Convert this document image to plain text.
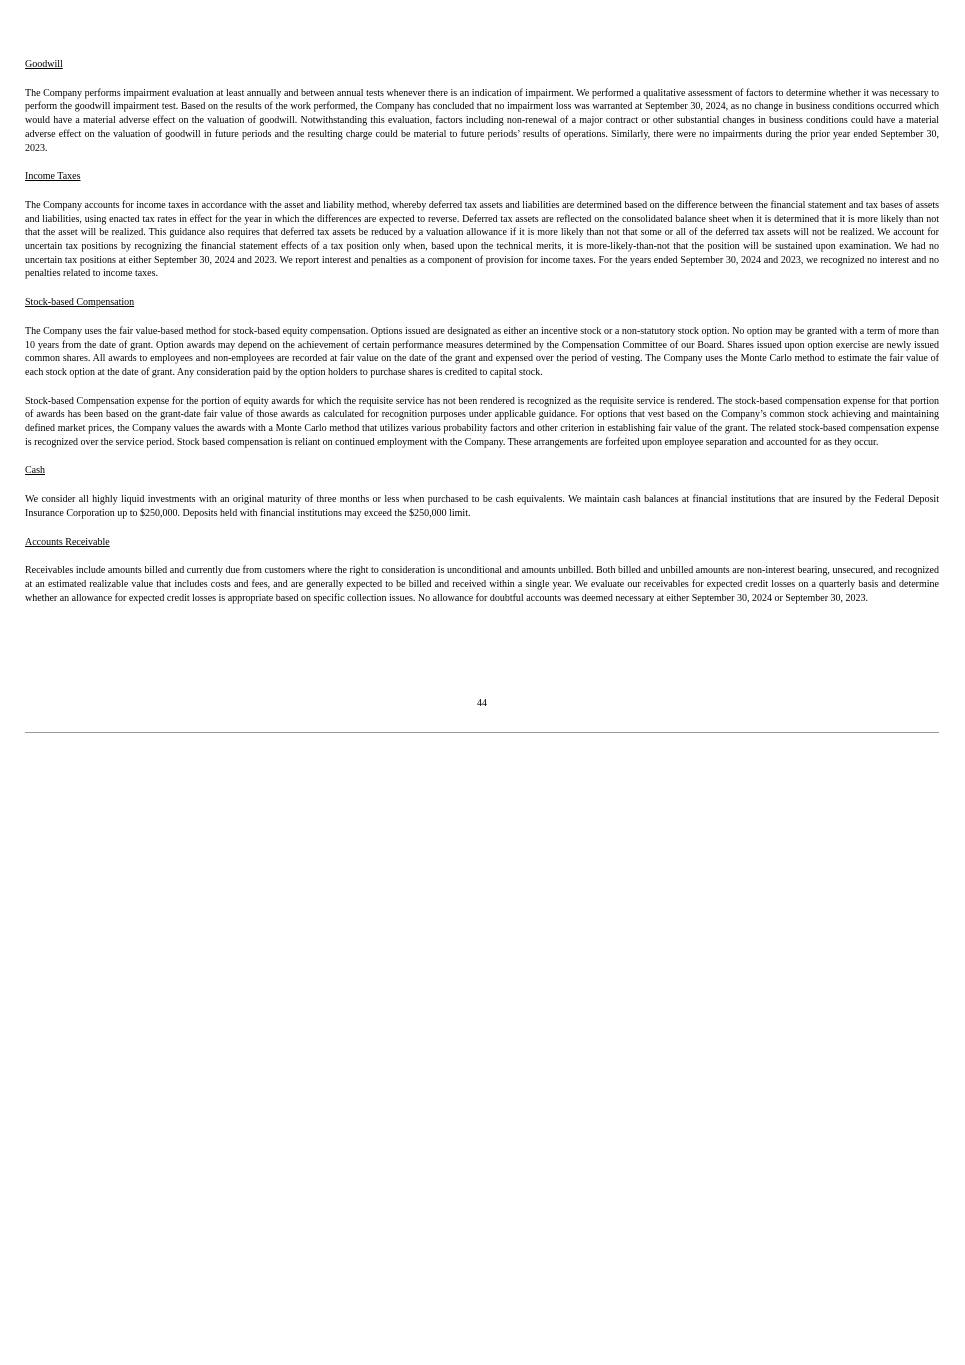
Goodwill

The Company performs impairment evaluation at least annually and between annual tests whenever there is an indication of impairment. We performed a qualitative assessment of factors to determine whether it was necessary to perform the goodwill impairment test. Based on the results of the work performed, the Company has concluded that no impairment loss was warranted at September 30, 2024, as no change in business conditions occurred which would have a material adverse effect on the valuation of goodwill. Notwithstanding this evaluation, factors including non-renewal of a major contract or other substantial changes in business conditions could have a material adverse effect on the valuation of goodwill in future periods and the resulting charge could be material to future periods’ results of operations. Similarly, there were no impairments during the prior year ended September 30, 2023.

Income Taxes

The Company accounts for income taxes in accordance with the asset and liability method, whereby deferred tax assets and liabilities are determined based on the difference between the financial statement and tax bases of assets and liabilities, using enacted tax rates in effect for the year in which the differences are expected to reverse. Deferred tax assets are reflected on the consolidated balance sheet when it is determined that it is more likely than not that the asset will be realized. This guidance also requires that deferred tax assets be reduced by a valuation allowance if it is more likely than not that some or all of the deferred tax assets will not be realized. We account for uncertain tax positions by recognizing the financial statement effects of a tax position only when, based upon the technical merits, it is more-likely-than-not that the position will be sustained upon examination. We had no uncertain tax positions at either September 30, 2024 and 2023. We report interest and penalties as a component of provision for income taxes. For the years ended September 30, 2024 and 2023, we recognized no interest and no penalties related to income taxes.

Stock-based Compensation

The Company uses the fair value-based method for stock-based equity compensation. Options issued are designated as either an incentive stock or a non-statutory stock option. No option may be granted with a term of more than 10 years from the date of grant. Option awards may depend on the achievement of certain performance measures determined by the Compensation Committee of our Board. Shares issued upon option exercise are newly issued common shares. All awards to employees and non-employees are recorded at fair value on the date of the grant and expensed over the period of vesting. The Company uses the Monte Carlo method to estimate the fair value of each stock option at the date of grant. Any consideration paid by the option holders to purchase shares is credited to capital stock.

Stock-based Compensation expense for the portion of equity awards for which the requisite service has not been rendered is recognized as the requisite service is rendered. The stock-based compensation expense for that portion of awards has been based on the grant-date fair value of those awards as calculated for recognition purposes under applicable guidance. For options that vest based on the Company’s common stock achieving and maintaining defined market prices, the Company values the awards with a Monte Carlo method that utilizes various probability factors and other criterion in establishing fair value of the grant. The related stock-based compensation expense is recognized over the service period. Stock based compensation is reliant on continued employment with the Company. These arrangements are forfeited upon employee separation and accounted for as they occur.

Cash

We consider all highly liquid investments with an original maturity of three months or less when purchased to be cash equivalents. We maintain cash balances at financial institutions that are insured by the Federal Deposit Insurance Corporation up to $250,000. Deposits held with financial institutions may exceed the $250,000 limit.

Accounts Receivable

Receivables include amounts billed and currently due from customers where the right to consideration is unconditional and amounts unbilled. Both billed and unbilled amounts are non-interest bearing, unsecured, and recognized at an estimated realizable value that includes costs and fees, and are generally expected to be billed and received within a single year. We evaluate our receivables for expected credit losses on a quarterly basis and determine whether an allowance for expected credit losses is appropriate based on specific collection issues. No allowance for doubtful accounts was deemed necessary at either September 30, 2024 or September 30, 2023.

44
